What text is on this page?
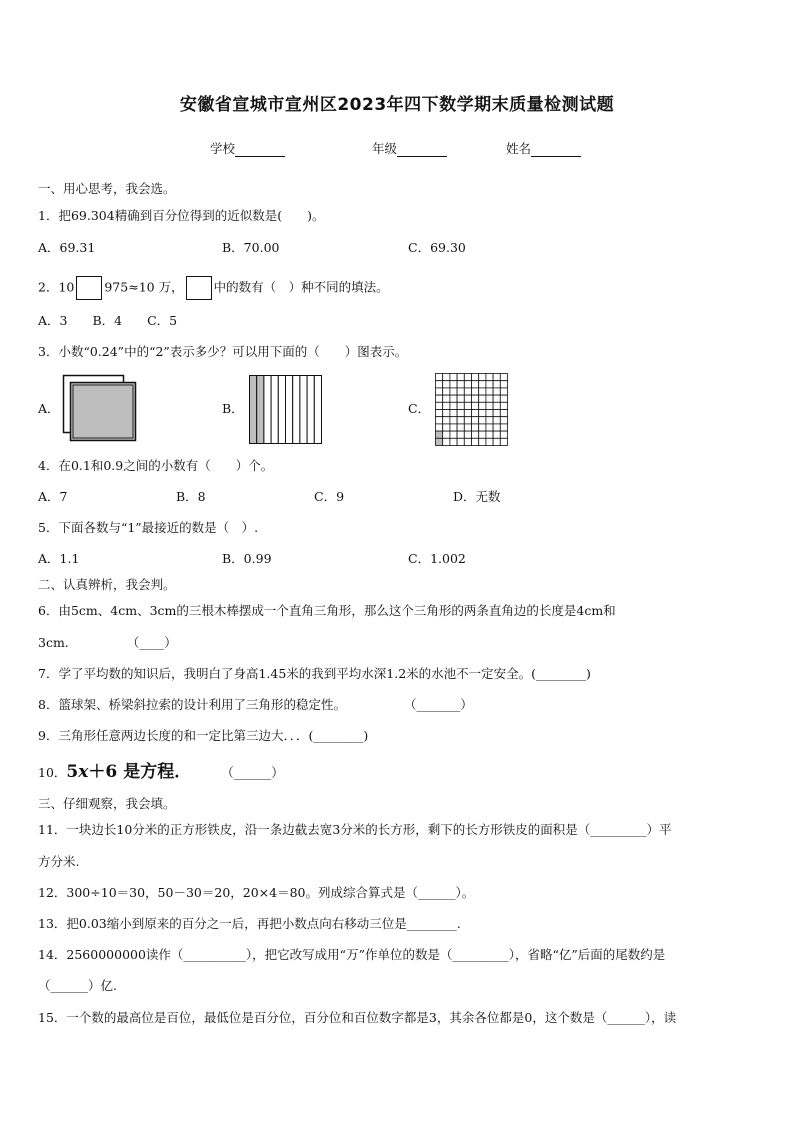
安徽省宣城市宣州区2023年四下数学期末质量检测试题
学校	年级	姓名
一、用心思考，我会选。
1．把69.304精确到百分位得到的近似数是(　　)。
A．69.31	B．70.00	C．69.30
2．10 975≈10 万， 中的数有（　）种不同的填法。
A．3　　B．4　　C．5
3．小数“0.24”中的“2”表示多少？可以用下面的（　　）图表示。
A．	B．	C．
4．在0.1和0.9之间的小数有（　　）个。
A．7	B．8	C．9	D．无数
5．下面各数与“1”最接近的数是（　）.
A．1.1	B．0.99	C．1.002
二、认真辨析，我会判。
6．由5cm、4cm、3cm的三根木棒摆成一个直角三角形，那么这个三角形的两条直角边的长度是4cm和
3cm.	（____）
7．学了平均数的知识后，我明白了身高1.45米的我到平均水深1.2米的水池不一定安全。(________)
8．篮球架、桥梁斜拉索的设计利用了三角形的稳定性。	（_______）
9．三角形任意两边长度的和一定比第三边大．．．(________)
10．5x＋6 是方程． （______）
三、仔细观察，我会填。
11．一块边长10分米的正方形铁皮，沿一条边截去宽3分米的长方形，剩下的长方形铁皮的面积是（_________）平
方分米.
12．300÷10＝30，50－30＝20，20×4＝80。列成综合算式是（______）。
13．把0.03缩小到原来的百分之一后，再把小数点向右移动三位是________.
14．2560000000读作（__________），把它改写成用“万”作单位的数是（_________），省略“亿”后面的尾数约是
（______）亿.
15．一个数的最高位是百位，最低位是百分位，百分位和百位数字都是3，其余各位都是0，这个数是（______），读
